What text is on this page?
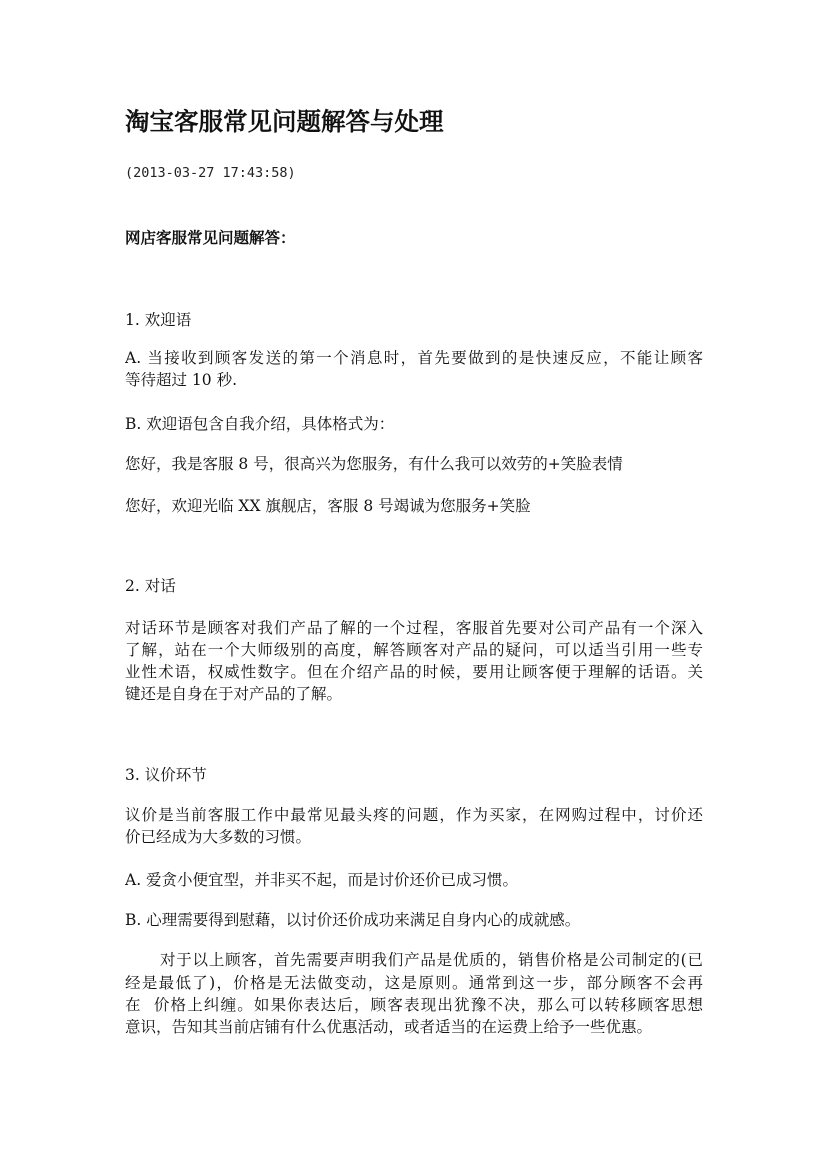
淘宝客服常见问题解答与处理
(2013-03-27 17:43:58)
网店客服常见问题解答：
1. 欢迎语
A. 当接收到顾客发送的第一个消息时，首先要做到的是快速反应，不能让顾客
等待超过 10 秒.
B. 欢迎语包含自我介绍，具体格式为：
您好，我是客服 8 号，很高兴为您服务，有什么我可以效劳的+笑脸表情
您好，欢迎光临 XX 旗舰店，客服 8 号竭诚为您服务+笑脸
2. 对话
对话环节是顾客对我们产品了解的一个过程，客服首先要对公司产品有一个深入
了解，站在一个大师级别的高度，解答顾客对产品的疑问，可以适当引用一些专
业性术语，权威性数字。但在介绍产品的时候，要用让顾客便于理解的话语。关
键还是自身在于对产品的了解。
3. 议价环节
议价是当前客服工作中最常见最头疼的问题，作为买家，在网购过程中，讨价还
价已经成为大多数的习惯。
A. 爱贪小便宜型，并非买不起，而是讨价还价已成习惯。
B. 心理需要得到慰藉，以讨价还价成功来满足自身内心的成就感。
对于以上顾客，首先需要声明我们产品是优质的，销售价格是公司制定的(已
经是最低了)，价格是无法做变动，这是原则。通常到这一步，部分顾客不会再
在  价格上纠缠。如果你表达后，顾客表现出犹豫不决，那么可以转移顾客思想
意识，告知其当前店铺有什么优惠活动，或者适当的在运费上给予一些优惠。
